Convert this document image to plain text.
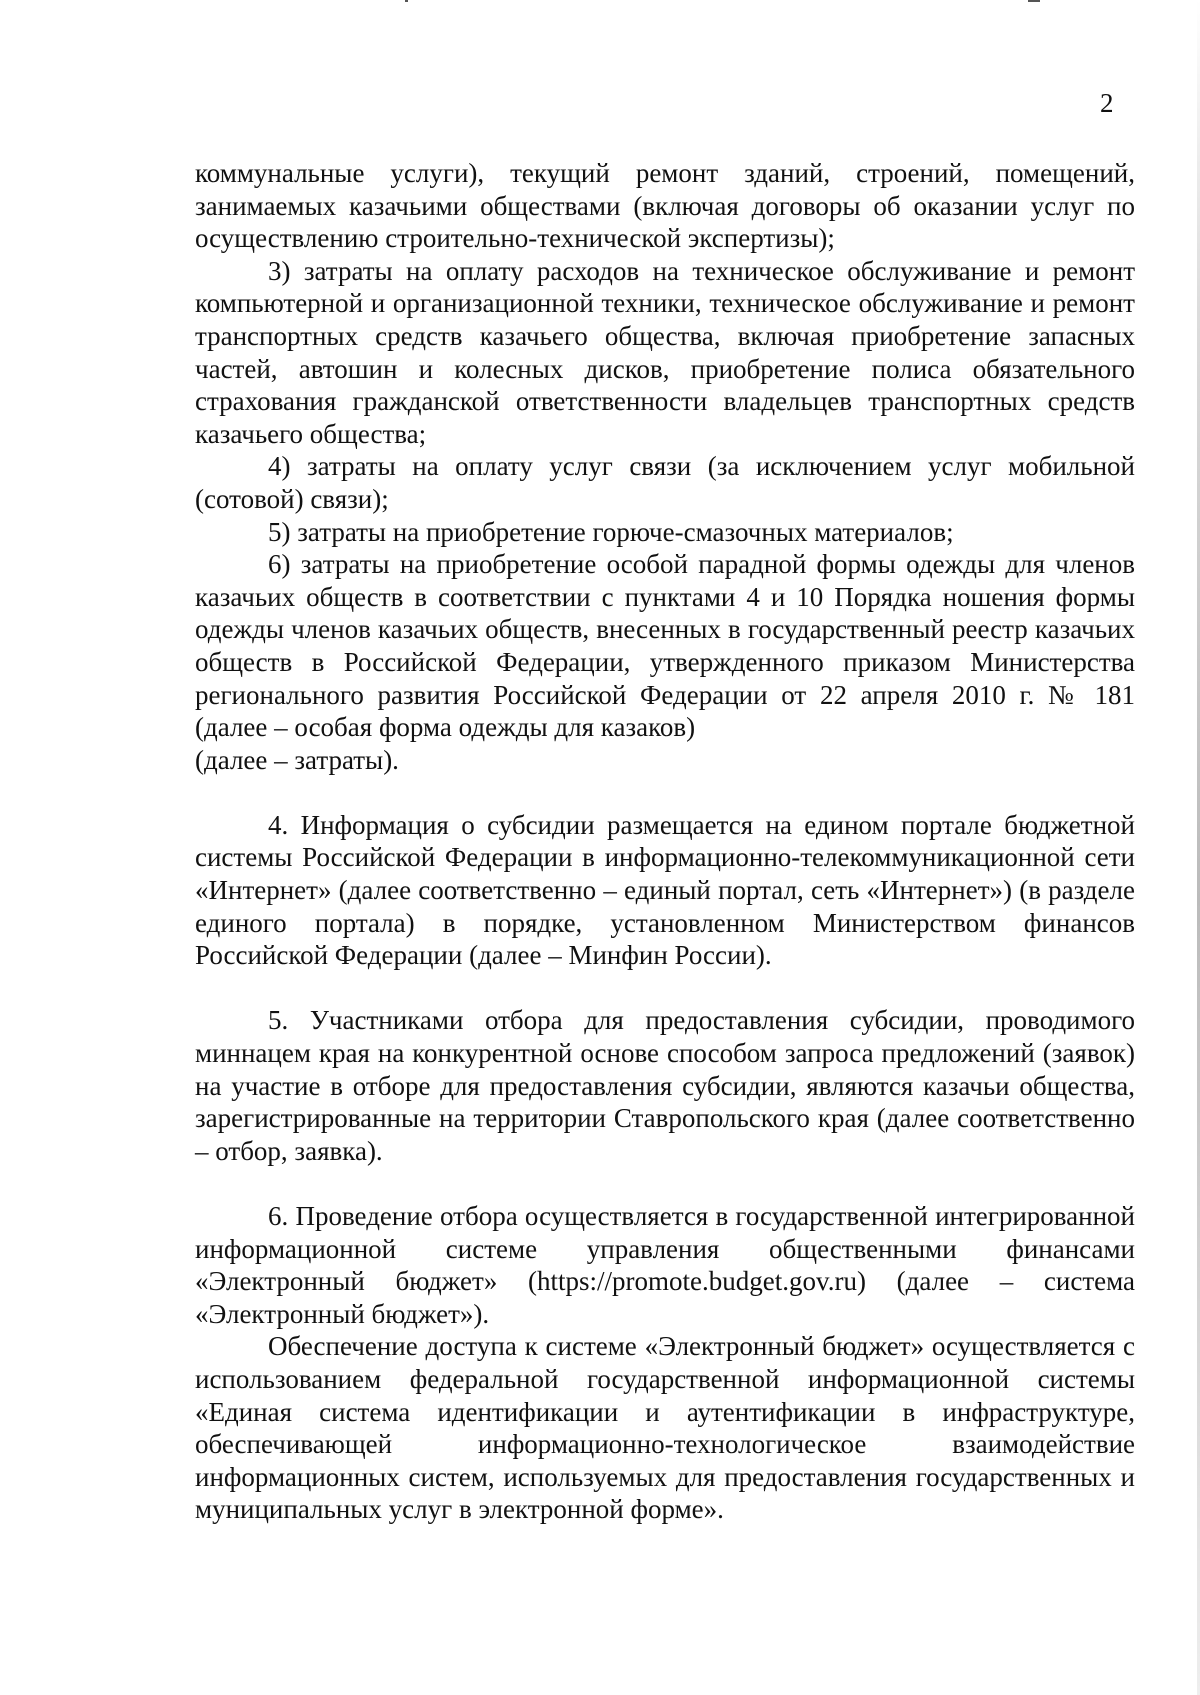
2

коммунальные услуги), текущий ремонт зданий, строений, помещений, занимаемых казачьими обществами (включая договоры об оказании услуг по осуществлению строительно-технической экспертизы);

3) затраты на оплату расходов на техническое обслуживание и ремонт компьютерной и организационной техники, техническое обслуживание и ремонт транспортных средств казачьего общества, включая приобретение запасных частей, автошин и колесных дисков, приобретение полиса обязательного страхования гражданской ответственности владельцев транспортных средств казачьего общества;

4) затраты на оплату услуг связи (за исключением услуг мобильной (сотовой) связи);

5) затраты на приобретение горюче-смазочных материалов;

6) затраты на приобретение особой парадной формы одежды для членов казачьих обществ в соответствии с пунктами 4 и 10 Порядка ношения формы одежды членов казачьих обществ, внесенных в государственный реестр казачьих обществ в Российской Федерации, утвержденного приказом Министерства регионального развития Российской Федерации от 22 апреля 2010 г. № 181 (далее – особая форма одежды для казаков)

(далее – затраты).

4. Информация о субсидии размещается на едином портале бюджетной системы Российской Федерации в информационно-телекоммуникационной сети «Интернет» (далее соответственно – единый портал, сеть «Интернет») (в разделе единого портала) в порядке, установленном Министерством финансов Российской Федерации (далее – Минфин России).

5. Участниками отбора для предоставления субсидии, проводимого миннацем края на конкурентной основе способом запроса предложений (заявок) на участие в отборе для предоставления субсидии, являются казачьи общества, зарегистрированные на территории Ставропольского края (далее соответственно – отбор, заявка).

6. Проведение отбора осуществляется в государственной интегрированной информационной системе управления общественными финансами «Электронный бюджет» (https://promote.budget.gov.ru) (далее – система «Электронный бюджет»).

Обеспечение доступа к системе «Электронный бюджет» осуществляется с использованием федеральной государственной информационной системы «Единая система идентификации и аутентификации в инфраструктуре, обеспечивающей информационно-технологическое взаимодействие информационных систем, используемых для предоставления государственных и муниципальных услуг в электронной форме».
